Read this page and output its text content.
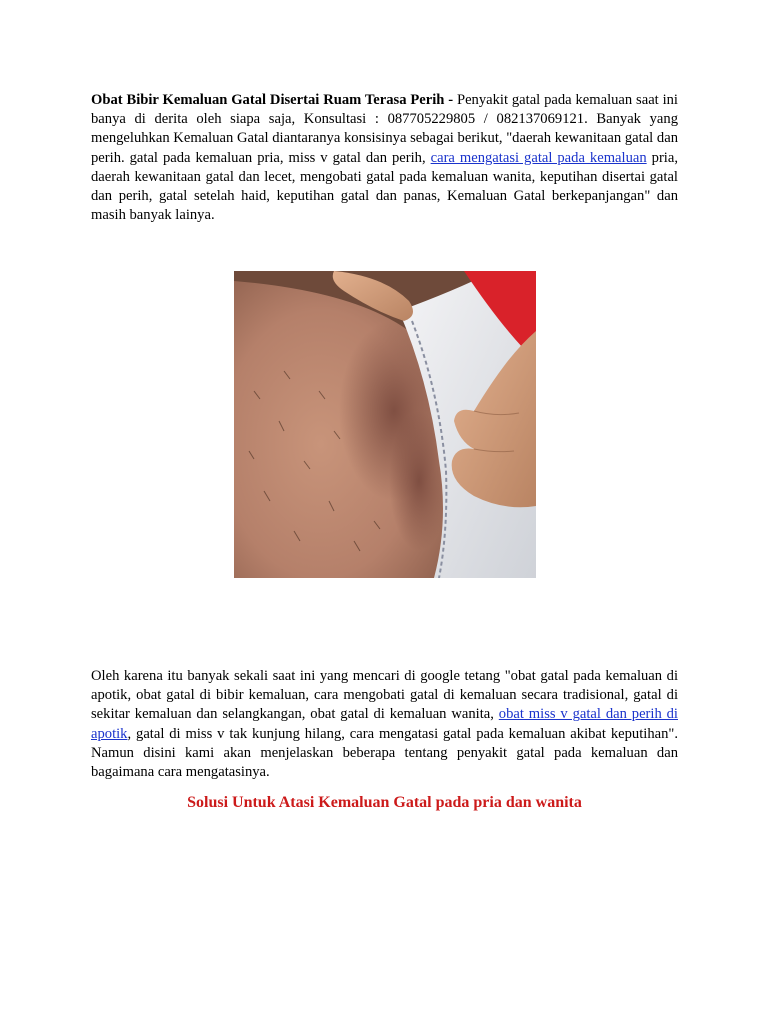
Obat Bibir Kemaluan Gatal Disertai Ruam Terasa Perih - Penyakit gatal pada kemaluan saat ini banya di derita oleh siapa saja, Konsultasi : 087705229805 / 082137069121. Banyak yang mengeluhkan Kemaluan Gatal diantaranya konsisinya sebagai berikut, "daerah kewanitaan gatal dan perih. gatal pada kemaluan pria, miss v gatal dan perih, cara mengatasi gatal pada kemaluan pria, daerah kewanitaan gatal dan lecet, mengobati gatal pada kemaluan wanita, keputihan disertai gatal dan perih, gatal setelah haid, keputihan gatal dan panas, Kemaluan Gatal berkepanjangan" dan masih banyak lainya.

Oleh karena itu banyak sekali saat ini yang mencari di google tetang "obat gatal pada kemaluan di apotik, obat gatal di bibir kemaluan, cara mengobati gatal di kemaluan secara tradisional, gatal di sekitar kemaluan dan selangkangan, obat gatal di kemaluan wanita, obat miss v gatal dan perih di apotik, gatal di miss v tak kunjung hilang, cara mengatasi gatal pada kemaluan akibat keputihan". Namun disini kami akan menjelaskan beberapa tentang penyakit gatal pada kemaluan dan bagaimana cara mengatasinya.

Solusi Untuk Atasi Kemaluan Gatal pada pria dan wanita
